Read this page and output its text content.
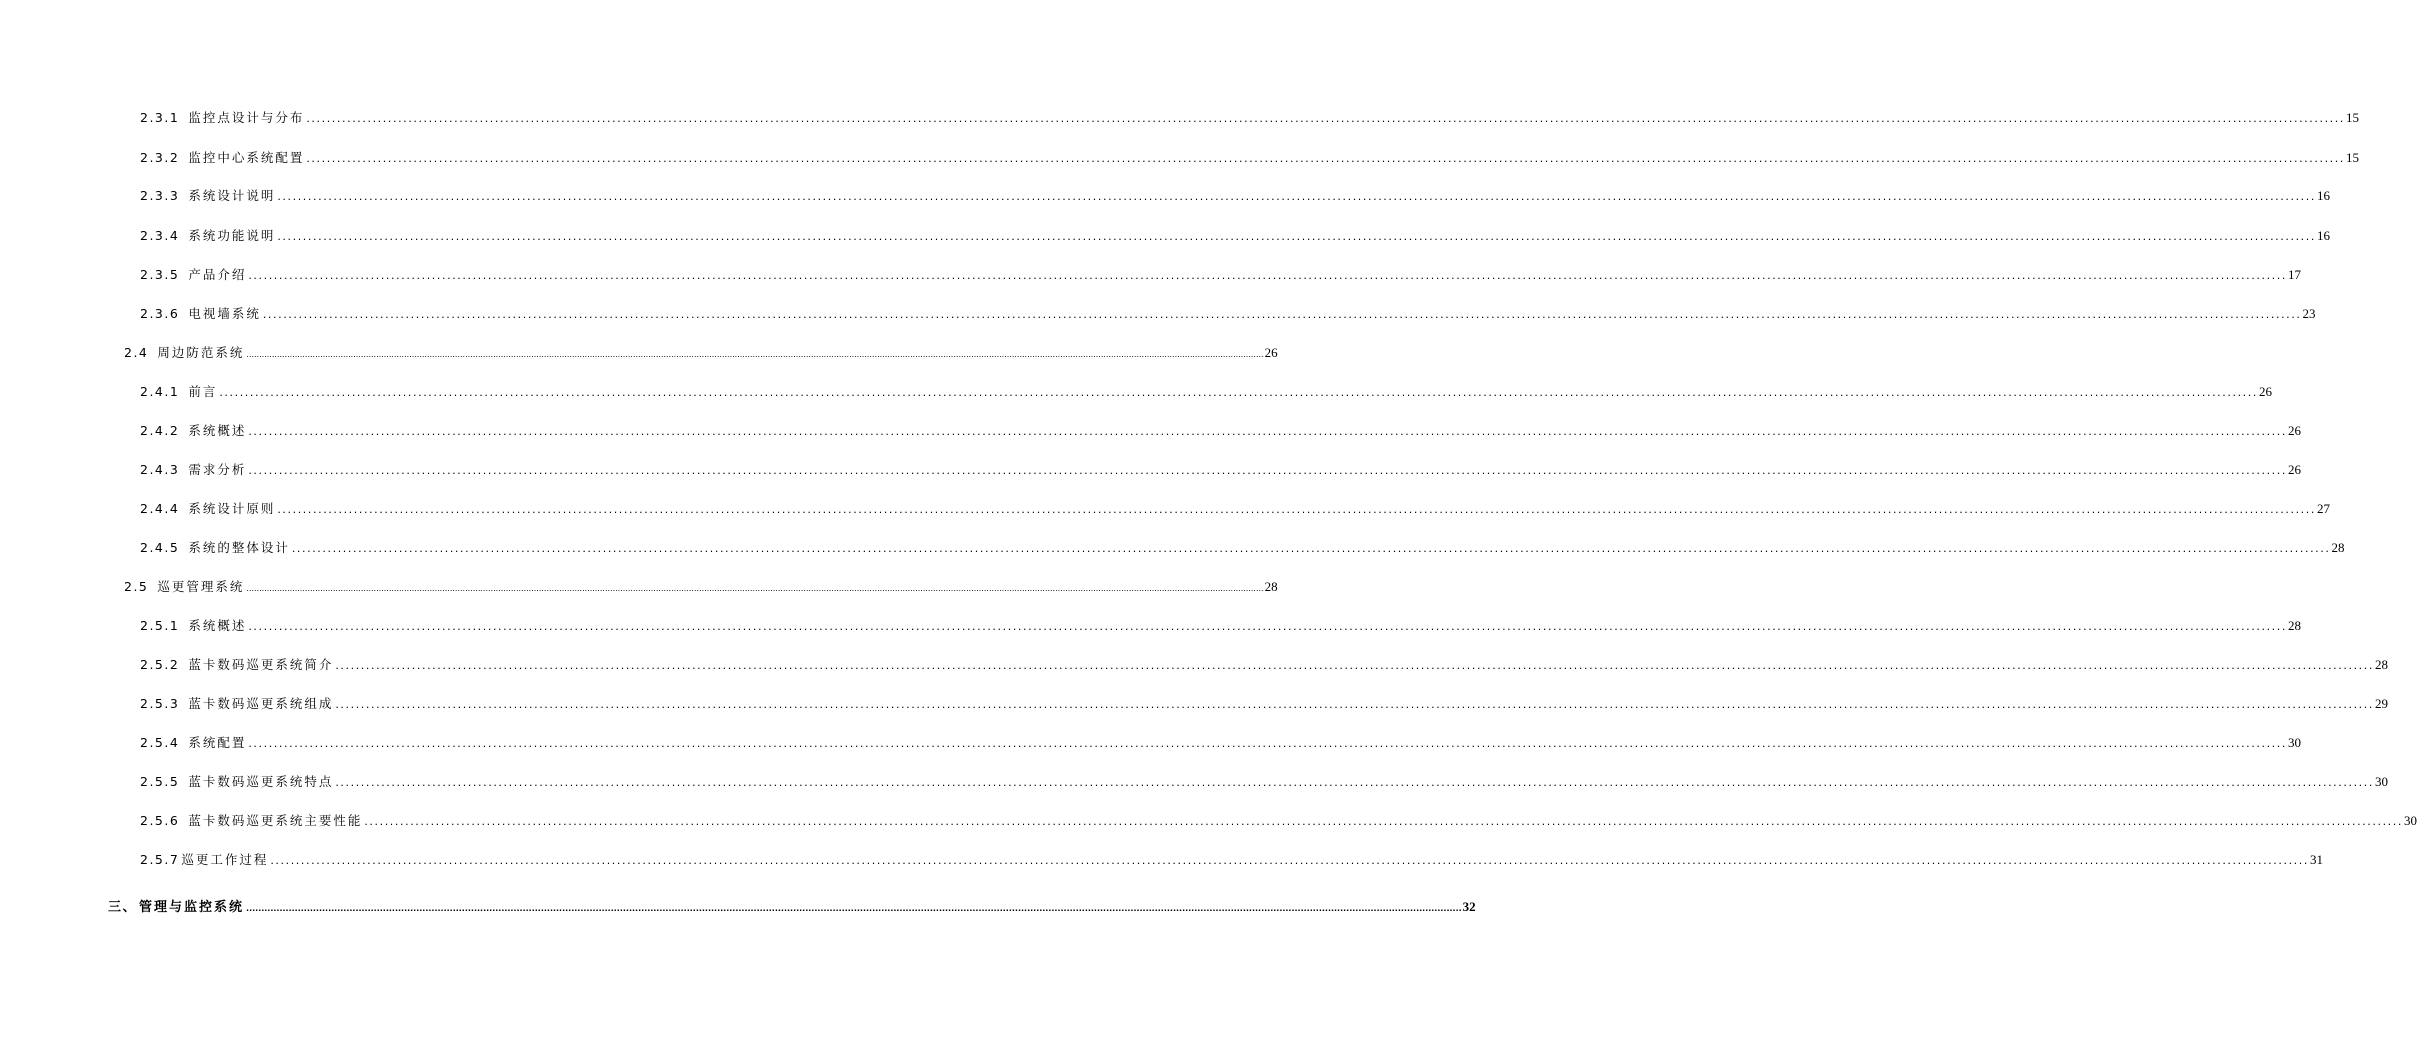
2.3.1 监控点设计与分布 ................................................................................................................................................................................................................................................................................................................................................................................................................ 15
2.3.2 监控中心系统配置 ................................................................................................................................................................................................................................................................................................................................................................................................................ 15
2.3.3 系统设计说明 ................................................................................................................................................................................................................................................................................................................................................................................................................ 16
2.3.4 系统功能说明 ................................................................................................................................................................................................................................................................................................................................................................................................................ 16
2.3.5 产品介绍 ................................................................................................................................................................................................................................................................................................................................................................................................................ 17
2.3.6 电视墙系统 ................................................................................................................................................................................................................................................................................................................................................................................................................ 23
2.4 周边防范系统 ................................................................................................................................................................................................................................................................................................................................................................................................................ 26
2.4.1 前言 ................................................................................................................................................................................................................................................................................................................................................................................................................ 26
2.4.2 系统概述 ................................................................................................................................................................................................................................................................................................................................................................................................................ 26
2.4.3 需求分析 ................................................................................................................................................................................................................................................................................................................................................................................................................ 26
2.4.4 系统设计原则 ................................................................................................................................................................................................................................................................................................................................................................................................................ 27
2.4.5 系统的整体设计 ................................................................................................................................................................................................................................................................................................................................................................................................................ 28
2.5 巡更管理系统 ................................................................................................................................................................................................................................................................................................................................................................................................................ 28
2.5.1 系统概述 ................................................................................................................................................................................................................................................................................................................................................................................................................ 28
2.5.2 蓝卡数码巡更系统简介 ................................................................................................................................................................................................................................................................................................................................................................................................................ 28
2.5.3 蓝卡数码巡更系统组成 ................................................................................................................................................................................................................................................................................................................................................................................................................ 29
2.5.4 系统配置 ................................................................................................................................................................................................................................................................................................................................................................................................................ 30
2.5.5 蓝卡数码巡更系统特点 ................................................................................................................................................................................................................................................................................................................................................................................................................ 30
2.5.6 蓝卡数码巡更系统主要性能 ................................................................................................................................................................................................................................................................................................................................................................................................................ 30
2.5.7 巡更工作过程 ................................................................................................................................................................................................................................................................................................................................................................................................................ 31
三、 管理与监控系统 ................................................................................................................................................................................................................................................................................................................................................................................................................ 32
